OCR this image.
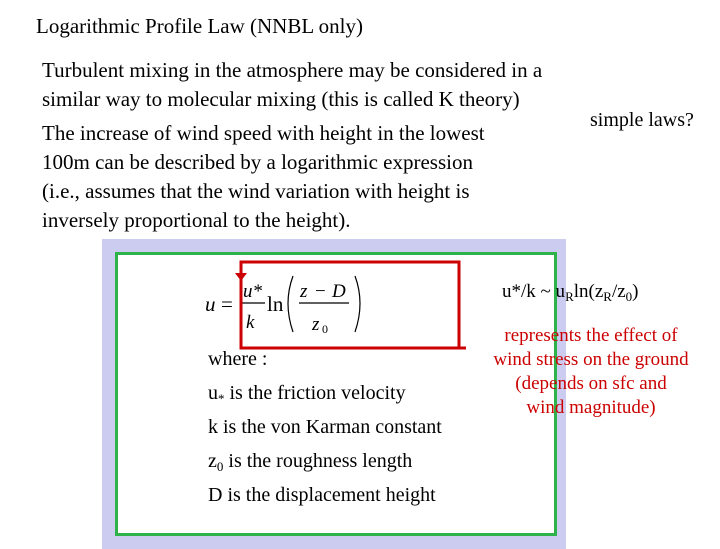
Logarithmic Profile Law (NNBL only)
Turbulent mixing in the atmosphere may be considered in a
similar way to molecular mixing (this is called K theory)
The increase of wind speed with height in the lowest
100m can be described by a logarithmic expression
(i.e., assumes that the wind variation with height is
inversely proportional to the height).
simple laws?
u =
u*
k
ln
z − D
z 0
where :
$u_*$ is the friction velocity
k is the von Karman constant
$z_0$ is the roughness length
D is the displacement height
u*/k ~ $u_R\ln(z_R/z_0)$
represents the effect of
wind stress on the ground
(depends on sfc and
wind magnitude)
